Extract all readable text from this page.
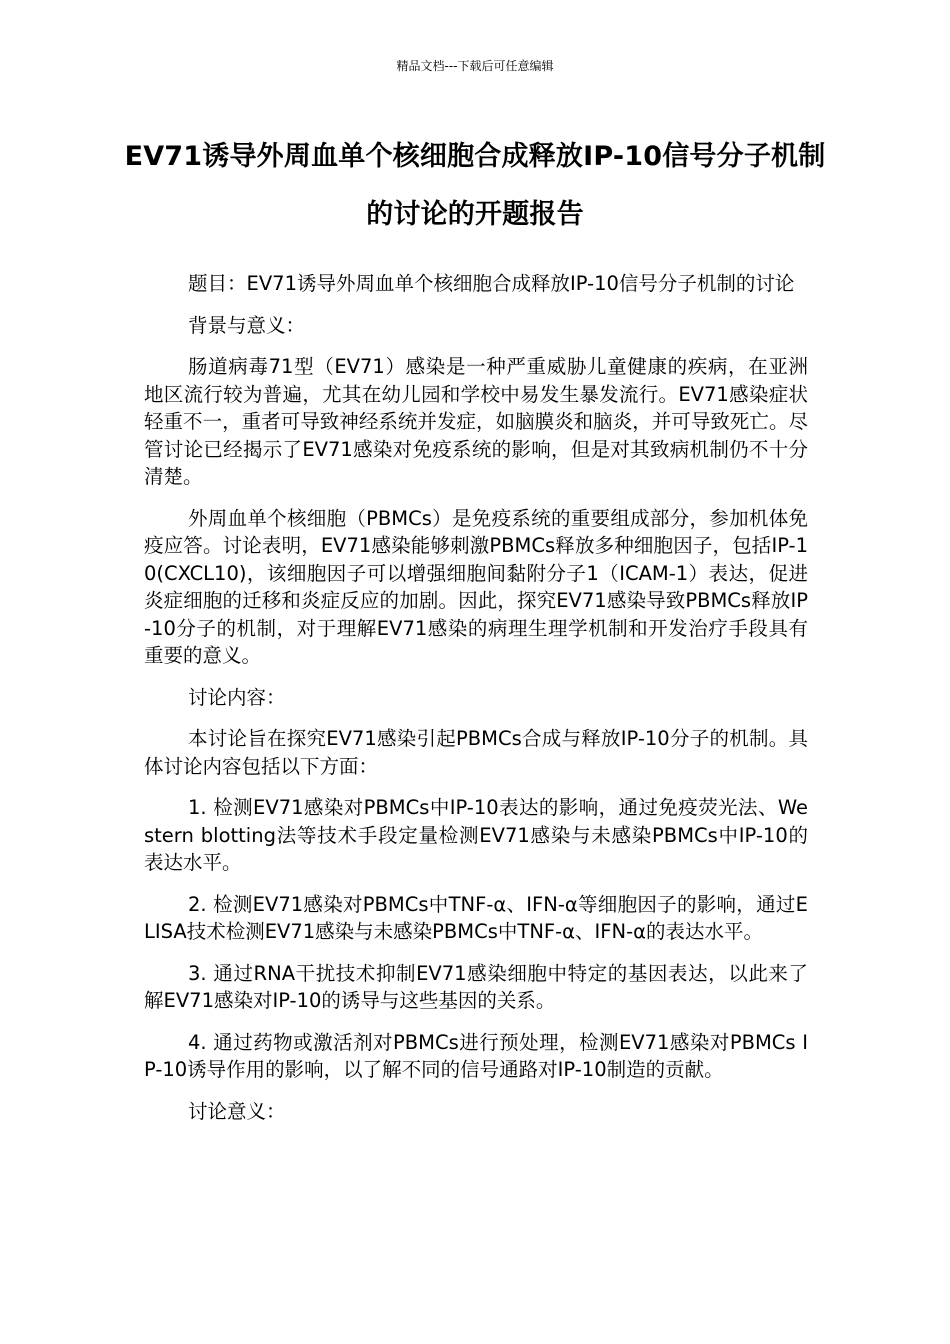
精品文档---下载后可任意编辑
EV71诱导外周血单个核细胞合成释放IP-10信号分子机制的讨论的开题报告

题目：EV71诱导外周血单个核细胞合成释放IP-10信号分子机制的讨论

背景与意义：

肠道病毒71型（EV71）感染是一种严重威胁儿童健康的疾病，在亚洲地区流行较为普遍，尤其在幼儿园和学校中易发生暴发流行。EV71感染症状轻重不一，重者可导致神经系统并发症，如脑膜炎和脑炎，并可导致死亡。尽管讨论已经揭示了EV71感染对免疫系统的影响，但是对其致病机制仍不十分清楚。

外周血单个核细胞（PBMCs）是免疫系统的重要组成部分，参加机体免疫应答。讨论表明，EV71感染能够刺激PBMCs释放多种细胞因子，包括IP-10(CXCL10)，该细胞因子可以增强细胞间黏附分子1（ICAM-1）表达，促进炎症细胞的迁移和炎症反应的加剧。因此，探究EV71感染导致PBMCs释放IP-10分子的机制，对于理解EV71感染的病理生理学机制和开发治疗手段具有重要的意义。

讨论内容：

本讨论旨在探究EV71感染引起PBMCs合成与释放IP-10分子的机制。具体讨论内容包括以下方面：

1. 检测EV71感染对PBMCs中IP-10表达的影响，通过免疫荧光法、Western blotting法等技术手段定量检测EV71感染与未感染PBMCs中IP-10的表达水平。

2. 检测EV71感染对PBMCs中TNF-α、IFN-α等细胞因子的影响，通过ELISA技术检测EV71感染与未感染PBMCs中TNF-α、IFN-α的表达水平。

3. 通过RNA干扰技术抑制EV71感染细胞中特定的基因表达，以此来了解EV71感染对IP-10的诱导与这些基因的关系。

4. 通过药物或激活剂对PBMCs进行预处理，检测EV71感染对PBMCs IP-10诱导作用的影响，以了解不同的信号通路对IP-10制造的贡献。

讨论意义：
